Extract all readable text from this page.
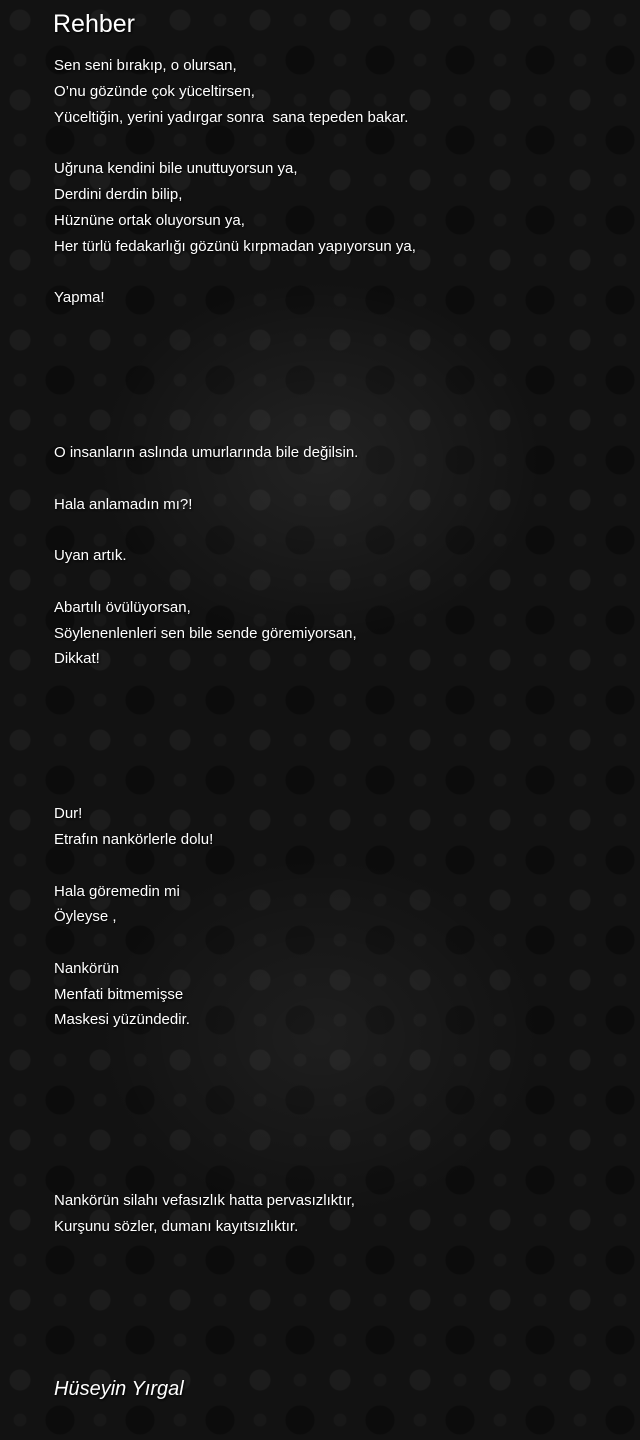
Rehber
Sen seni bırakıp, o olursan,
O’nu gözünde çok yüceltirsen,
Yüceltiğin, yerini yadırgar sonra  sana tepeden bakar.
Uğruna kendini bile unuttuyorsun ya,
Derdini derdin bilip,
Hüznüne ortak oluyorsun ya,
Her türlü fedakarlığı gözünü kırpmadan yapıyorsun ya,
Yapma!
O insanların aslında umurlarında bile değilsin.
Hala anlamadın mı?!
Uyan artık.
Abartılı övülüyorsan,
Söylenenlenleri sen bile sende göremiyorsan,
Dikkat!
Dur!
Etrafın nankörlerle dolu!
Hala göremedin mi
Öyleyse ,
Nankörün
Menfati bitmemişse
Maskesi yüzündedir.
Nankörün silahı vefasızlık hatta pervasızlıktır,
Kurşunu sözler, dumanı kayıtsızlıktır.
Hüseyin Yırgal
